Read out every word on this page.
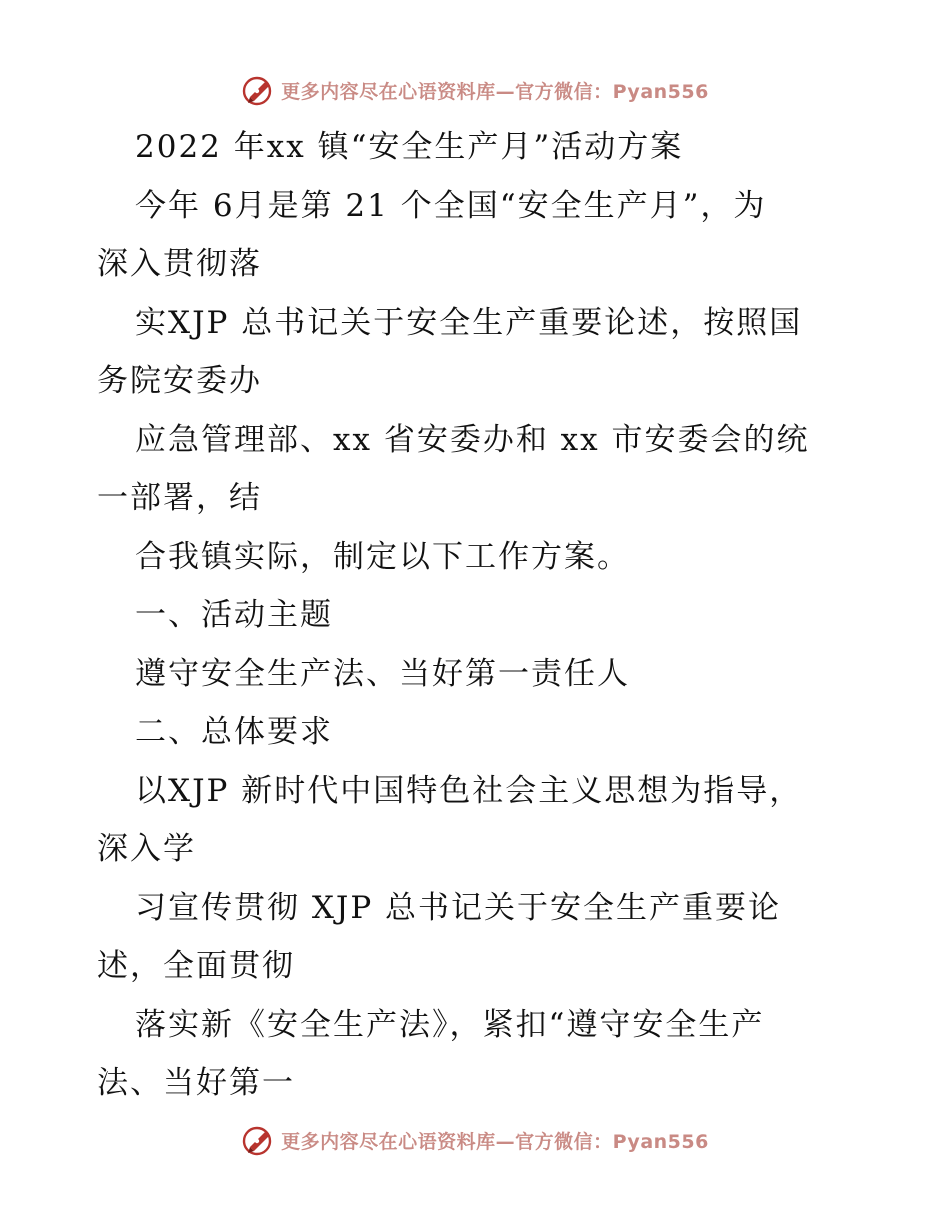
更多内容尽在心语资料库—官方微信：Pyan556
2022 年xx 镇“安全生产月”活动方案
今年 6月是第 21 个全国“安全生产月”，为
深入贯彻落
实XJP 总书记关于安全生产重要论述，按照国
务院安委办
应急管理部、xx 省安委办和 xx 市安委会的统
一部署，结
合我镇实际，制定以下工作方案。
一、活动主题
遵守安全生产法、当好第一责任人
二、总体要求
以XJP 新时代中国特色社会主义思想为指导，
深入学
习宣传贯彻 XJP 总书记关于安全生产重要论
述，全面贯彻
落实新《安全生产法》，紧扣“遵守安全生产
法、当好第一
更多内容尽在心语资料库—官方微信：Pyan556
